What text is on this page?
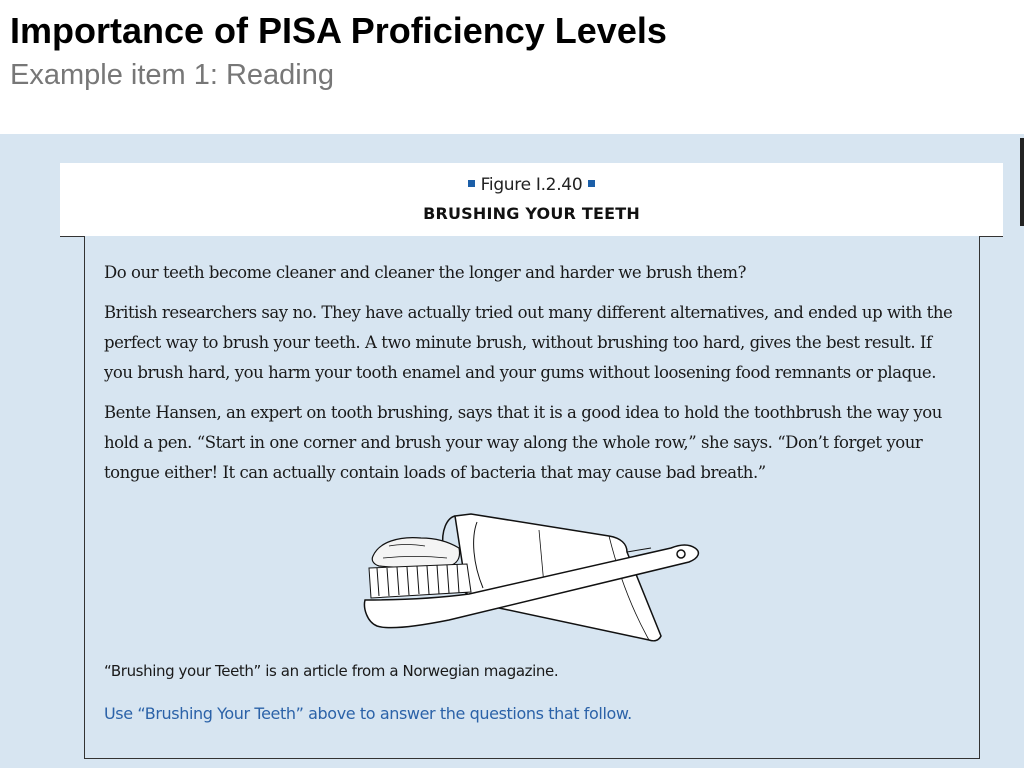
Importance of PISA Proficiency Levels
Example item 1: Reading
Figure I.2.40
BRUSHING YOUR TEETH

Do our teeth become cleaner and cleaner the longer and harder we brush them?

British researchers say no. They have actually tried out many different alternatives, and ended up with the perfect way to brush your teeth. A two minute brush, without brushing too hard, gives the best result. If you brush hard, you harm your tooth enamel and your gums without loosening food remnants or plaque.

Bente Hansen, an expert on tooth brushing, says that it is a good idea to hold the toothbrush the way you hold a pen. “Start in one corner and brush your way along the whole row,” she says. “Don’t forget your tongue either! It can actually contain loads of bacteria that may cause bad breath.”

“Brushing your Teeth” is an article from a Norwegian magazine.
Use “Brushing Your Teeth” above to answer the questions that follow.
